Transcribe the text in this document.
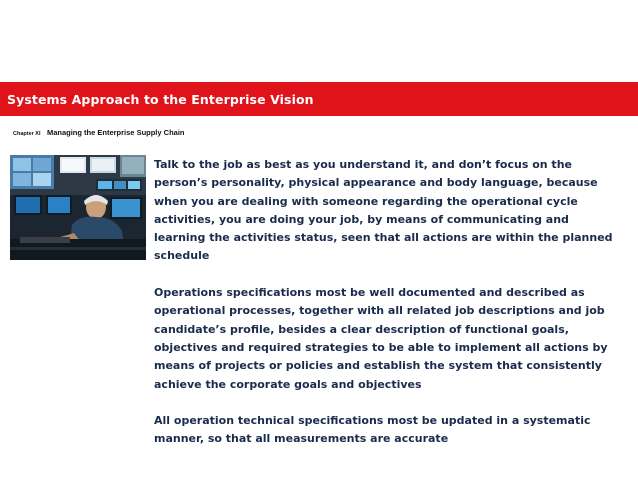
Systems Approach to the Enterprise Vision
Chapter XI Managing the Enterprise Supply Chain

Talk to the job as best as you understand it, and don’t focus on the person’s personality, physical appearance and body language, because when you are dealing with someone regarding the operational cycle activities, you are doing your job, by means of communicating and learning the activities status, seen that all actions are within the planned schedule

Operations specifications most be well documented and described as operational processes, together with all related job descriptions and job candidate’s profile, besides a clear description of functional goals, objectives and required strategies to be able to implement all actions by means of projects or policies and establish the system that consistently achieve the corporate goals and objectives

All operation technical specifications most be updated in a systematic manner, so that all measurements are accurate
